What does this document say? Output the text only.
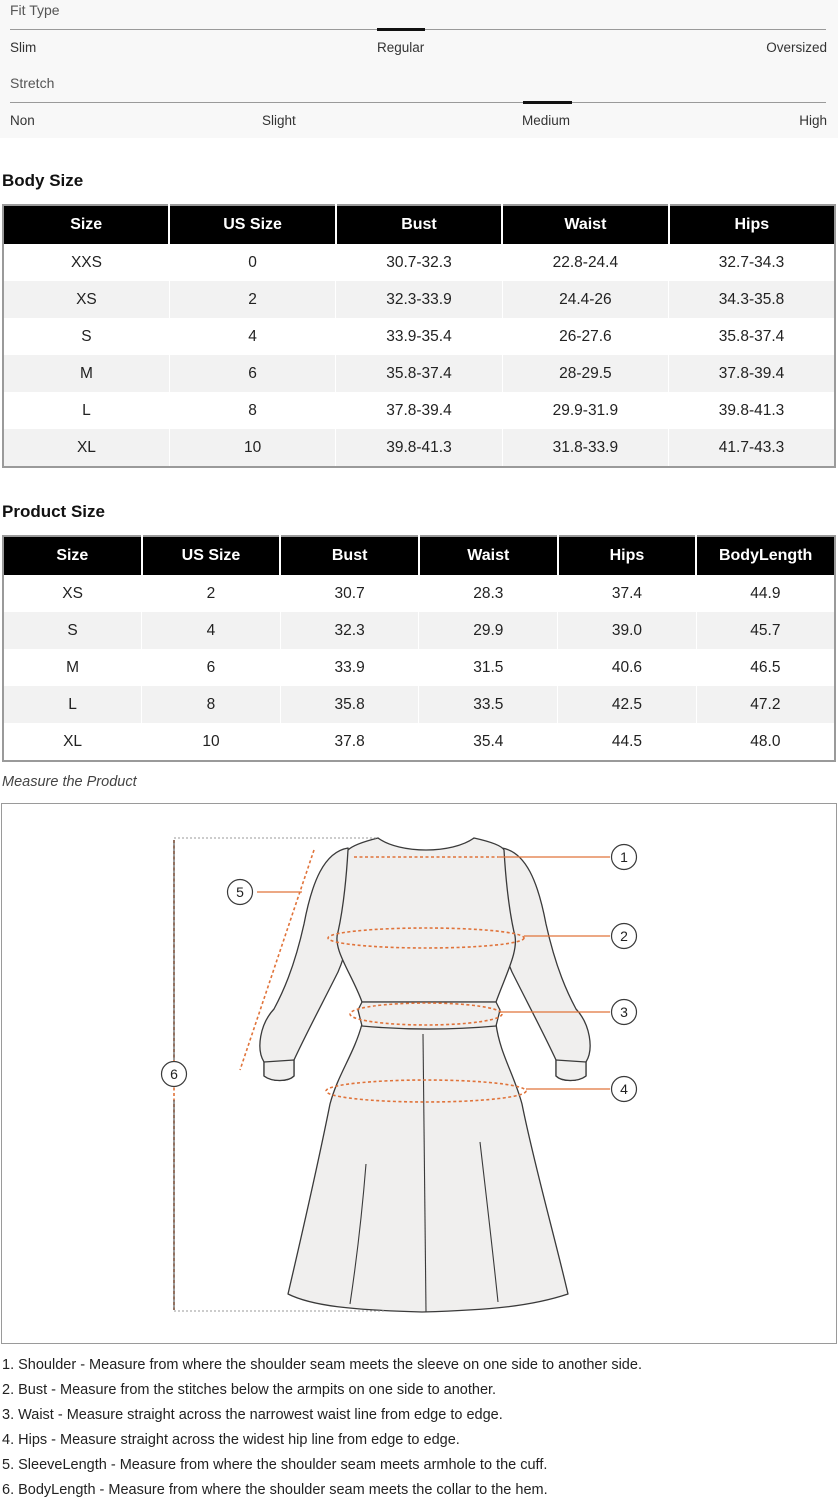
Fit Type
Slim	Regular	Oversized
Stretch
Non	Slight	Medium	High
Body Size
Size	US Size	Bust	Waist	Hips
XXS	0	30.7-32.3	22.8-24.4	32.7-34.3
XS	2	32.3-33.9	24.4-26	34.3-35.8
S	4	33.9-35.4	26-27.6	35.8-37.4
M	6	35.8-37.4	28-29.5	37.8-39.4
L	8	37.8-39.4	29.9-31.9	39.8-41.3
XL	10	39.8-41.3	31.8-33.9	41.7-43.3
Product Size
Size	US Size	Bust	Waist	Hips	BodyLength
XS	2	30.7	28.3	37.4	44.9
S	4	32.3	29.9	39.0	45.7
M	6	33.9	31.5	40.6	46.5
L	8	35.8	33.5	42.5	47.2
XL	10	37.8	35.4	44.5	48.0
Measure the Product
1
2
3
4
5
6
1. Shoulder - Measure from where the shoulder seam meets the sleeve on one side to another side.
2. Bust - Measure from the stitches below the armpits on one side to another.
3. Waist - Measure straight across the narrowest waist line from edge to edge.
4. Hips - Measure straight across the widest hip line from edge to edge.
5. SleeveLength - Measure from where the shoulder seam meets armhole to the cuff.
6. BodyLength - Measure from where the shoulder seam meets the collar to the hem.
